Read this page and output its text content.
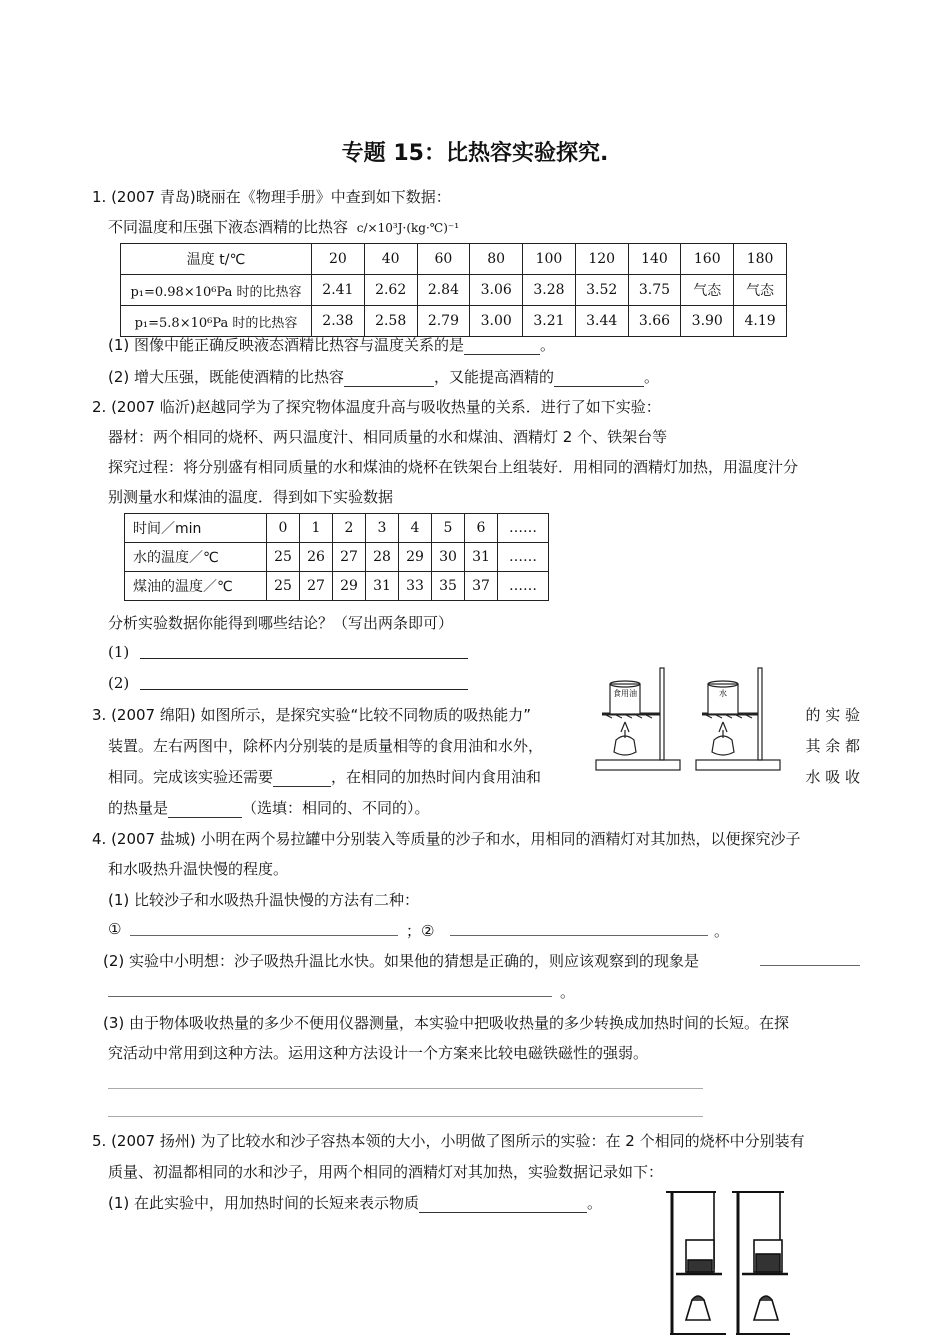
专题 15：比热容实验探究.
1. (2007 青岛)晓丽在《物理手册》中查到如下数据：
不同温度和压强下液态酒精的比热容 c/×10³J·(kg·℃)⁻¹
温度 t/℃	20	40	60	80	100	120	140	160	180
p₁=0.98×10⁶Pa 时的比热容	2.41	2.62	2.84	3.06	3.28	3.52	3.75	气态	气态
p₁=5.8×10⁶Pa 时的比热容	2.38	2.58	2.79	3.00	3.21	3.44	3.66	3.90	4.19
(1) 图像中能正确反映液态酒精比热容与温度关系的是	。
(2) 增大压强，既能使酒精的比热容	，又能提高酒精的	。
2. (2007 临沂)赵越同学为了探究物体温度升高与吸收热量的关系．进行了如下实验：
器材：两个相同的烧杯、两只温度汁、相同质量的水和煤油、酒精灯 2 个、铁架台等
探究过程：将分别盛有相同质量的水和煤油的烧杯在铁架台上组装好．用相同的酒精灯加热，用温度汁分
别测量水和煤油的温度．得到如下实验数据
时间／min	0	1	2	3	4	5	6	……
水的温度／℃	25	26	27	28	29	30	31	……
煤油的温度／℃	25	27	29	31	33	35	37	……
分析实验数据你能得到哪些结论？（写出两条即可）
(1)
(2)
3. (2007 绵阳) 如图所示，是探究实验“比较不同物质的吸热能力”	的 实 验
装置。左右两图中，除杯内分别装的是质量相等的食用油和水外，	其 余 都
相同。完成该实验还需要	，在相同的加热时间内食用油和	水 吸 收
的热量是	（选填：相同的、不同的）。
食用油	水
4. (2007 盐城) 小明在两个易拉罐中分别装入等质量的沙子和水，用相同的酒精灯对其加热，以便探究沙子
和水吸热升温快慢的程度。
(1) 比较沙子和水吸热升温快慢的方法有二种：
①	；②	。
(2) 实验中小明想：沙子吸热升温比水快。如果他的猜想是正确的，则应该观察到的现象是
。
(3) 由于物体吸收热量的多少不便用仪器测量，本实验中把吸收热量的多少转换成加热时间的长短。在探
究活动中常用到这种方法。运用这种方法设计一个方案来比较电磁铁磁性的强弱。
5. (2007 扬州) 为了比较水和沙子容热本领的大小，小明做了图所示的实验：在 2 个相同的烧杯中分别装有
质量、初温都相同的水和沙子，用两个相同的酒精灯对其加热，实验数据记录如下：
(1) 在此实验中，用加热时间的长短来表示物质	。
